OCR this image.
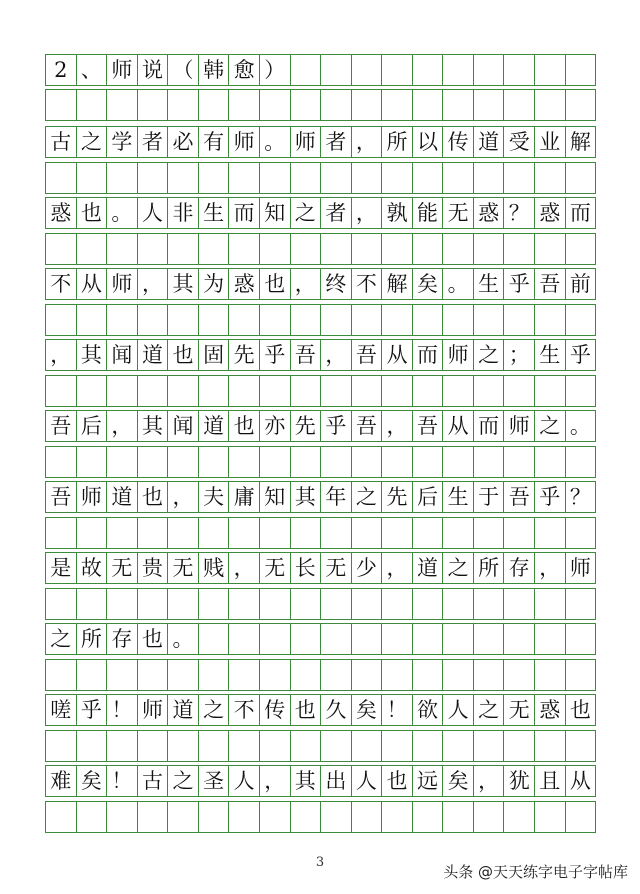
2 、 师 说 （ 韩 愈 ）
古 之 学 者 必 有 师 。 师 者 ， 所 以 传 道 受 业 解
惑 也 。 人 非 生 而 知 之 者 ， 孰 能 无 惑 ？ 惑 而
不 从 师 ， 其 为 惑 也 ， 终 不 解 矣 。 生 乎 吾 前
， 其 闻 道 也 固 先 乎 吾 ， 吾 从 而 师 之 ； 生 乎
吾 后 ， 其 闻 道 也 亦 先 乎 吾 ， 吾 从 而 师 之 。
吾 师 道 也 ， 夫 庸 知 其 年 之 先 后 生 于 吾 乎 ？
是 故 无 贵 无 贱 ， 无 长 无 少 ， 道 之 所 存 ， 师
之 所 存 也 。
嗟 乎 ！ 师 道 之 不 传 也 久 矣 ！ 欲 人 之 无 惑 也
难 矣 ！ 古 之 圣 人 ， 其 出 人 也 远 矣 ， 犹 且 从
3
头条 @天天练字电子字帖库
